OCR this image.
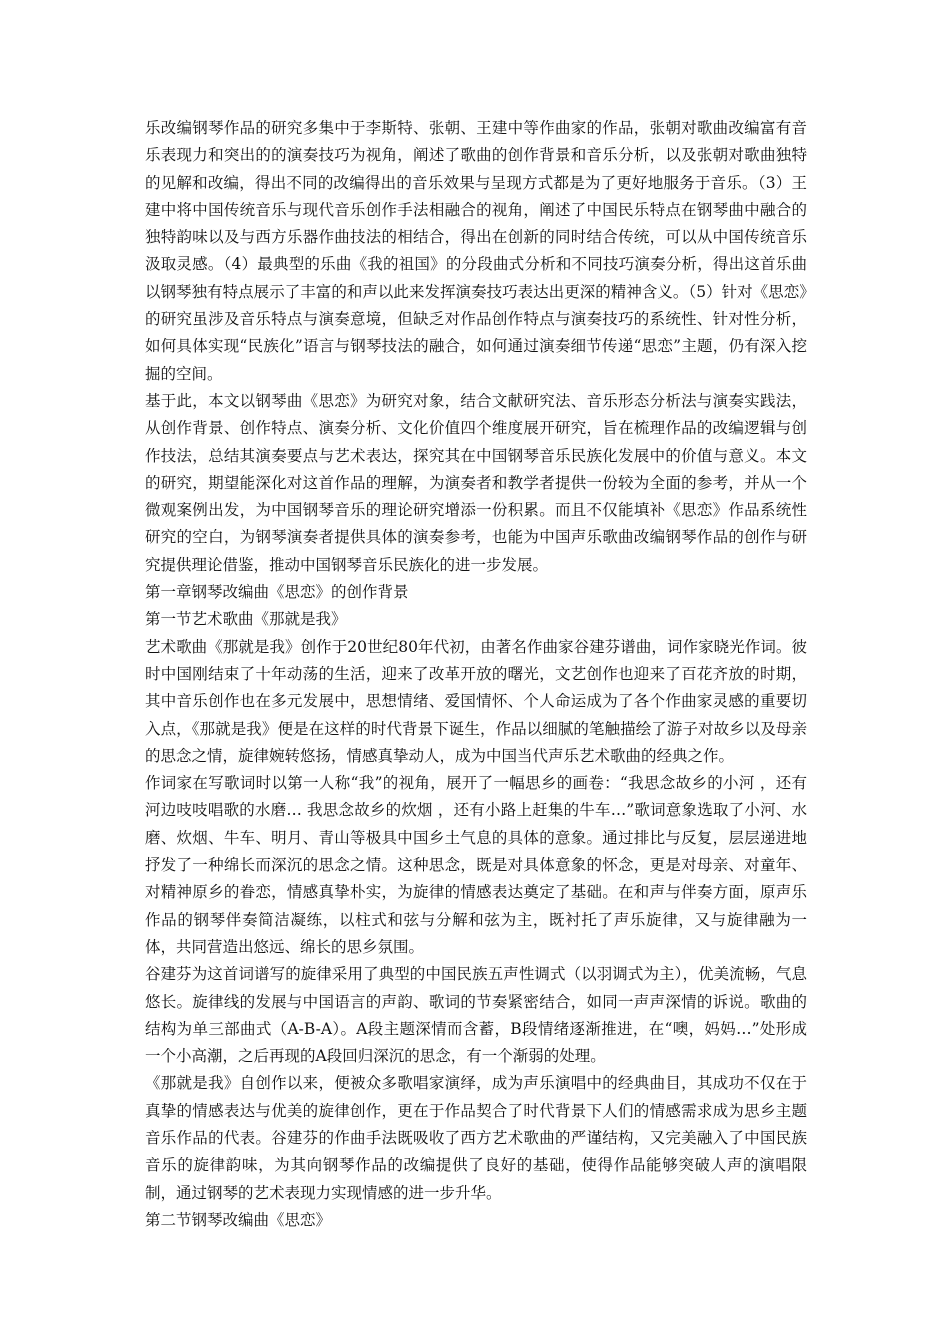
乐改编钢琴作品的研究多集中于李斯特、张朝、王建中等作曲家的作品，张朝对歌曲改编富有音乐表现力和突出的的演奏技巧为视角，阐述了歌曲的创作背景和音乐分析，以及张朝对歌曲独特的见解和改编，得出不同的改编得出的音乐效果与呈现方式都是为了更好地服务于音乐。（3）王建中将中国传统音乐与现代音乐创作手法相融合的视角，阐述了中国民乐特点在钢琴曲中融合的独特韵味以及与西方乐器作曲技法的相结合，得出在创新的同时结合传统，可以从中国传统音乐汲取灵感。（4）最典型的乐曲《我的祖国》的分段曲式分析和不同技巧演奏分析，得出这首乐曲以钢琴独有特点展示了丰富的和声以此来发挥演奏技巧表达出更深的精神含义。（5）针对《思恋》的研究虽涉及音乐特点与演奏意境，但缺乏对作品创作特点与演奏技巧的系统性、针对性分析，如何具体实现“民族化”语言与钢琴技法的融合，如何通过演奏细节传递“思恋”主题，仍有深入挖掘的空间。

基于此，本文以钢琴曲《思恋》为研究对象，结合文献研究法、音乐形态分析法与演奏实践法，从创作背景、创作特点、演奏分析、文化价值四个维度展开研究，旨在梳理作品的改编逻辑与创作技法，总结其演奏要点与艺术表达，探究其在中国钢琴音乐民族化发展中的价值与意义。本文的研究，期望能深化对这首作品的理解，为演奏者和教学者提供一份较为全面的参考，并从一个微观案例出发，为中国钢琴音乐的理论研究增添一份积累。而且不仅能填补《思恋》作品系统性研究的空白，为钢琴演奏者提供具体的演奏参考，也能为中国声乐歌曲改编钢琴作品的创作与研究提供理论借鉴，推动中国钢琴音乐民族化的进一步发展。

第一章钢琴改编曲《思恋》的创作背景

第一节艺术歌曲《那就是我》

艺术歌曲《那就是我》创作于20世纪80年代初，由著名作曲家谷建芬谱曲，词作家晓光作词。彼时中国刚结束了十年动荡的生活，迎来了改革开放的曙光，文艺创作也迎来了百花齐放的时期，其中音乐创作也在多元发展中，思想情绪、爱国情怀、个人命运成为了各个作曲家灵感的重要切入点，《那就是我》便是在这样的时代背景下诞生，作品以细腻的笔触描绘了游子对故乡以及母亲的思念之情，旋律婉转悠扬，情感真挚动人，成为中国当代声乐艺术歌曲的经典之作。

作词家在写歌词时以第一人称“我”的视角，展开了一幅思乡的画卷：“我思念故乡的小河 ，还有河边吱吱唱歌的水磨… 我思念故乡的炊烟 ，还有小路上赶集的牛车…”歌词意象选取了小河、水磨、炊烟、牛车、明月、青山等极具中国乡土气息的具体的意象。通过排比与反复，层层递进地抒发了一种绵长而深沉的思念之情。这种思念，既是对具体意象的怀念，更是对母亲、对童年、对精神原乡的眷恋，情感真挚朴实，为旋律的情感表达奠定了基础。在和声与伴奏方面，原声乐作品的钢琴伴奏简洁凝练，以柱式和弦与分解和弦为主，既衬托了声乐旋律，又与旋律融为一体，共同营造出悠远、绵长的思乡氛围。

谷建芬为这首词谱写的旋律采用了典型的中国民族五声性调式（以羽调式为主），优美流畅，气息悠长。旋律线的发展与中国语言的声韵、歌词的节奏紧密结合，如同一声声深情的诉说。歌曲的结构为单三部曲式（A-B-A）。A段主题深情而含蓄，B段情绪逐渐推进，在“噢，妈妈…”处形成一个小高潮，之后再现的A段回归深沉的思念，有一个渐弱的处理。

《那就是我》自创作以来，便被众多歌唱家演绎，成为声乐演唱中的经典曲目，其成功不仅在于真挚的情感表达与优美的旋律创作，更在于作品契合了时代背景下人们的情感需求成为思乡主题音乐作品的代表。谷建芬的作曲手法既吸收了西方艺术歌曲的严谨结构，又完美融入了中国民族音乐的旋律韵味，为其向钢琴作品的改编提供了良好的基础，使得作品能够突破人声的演唱限制，通过钢琴的艺术表现力实现情感的进一步升华。

第二节钢琴改编曲《思恋》
